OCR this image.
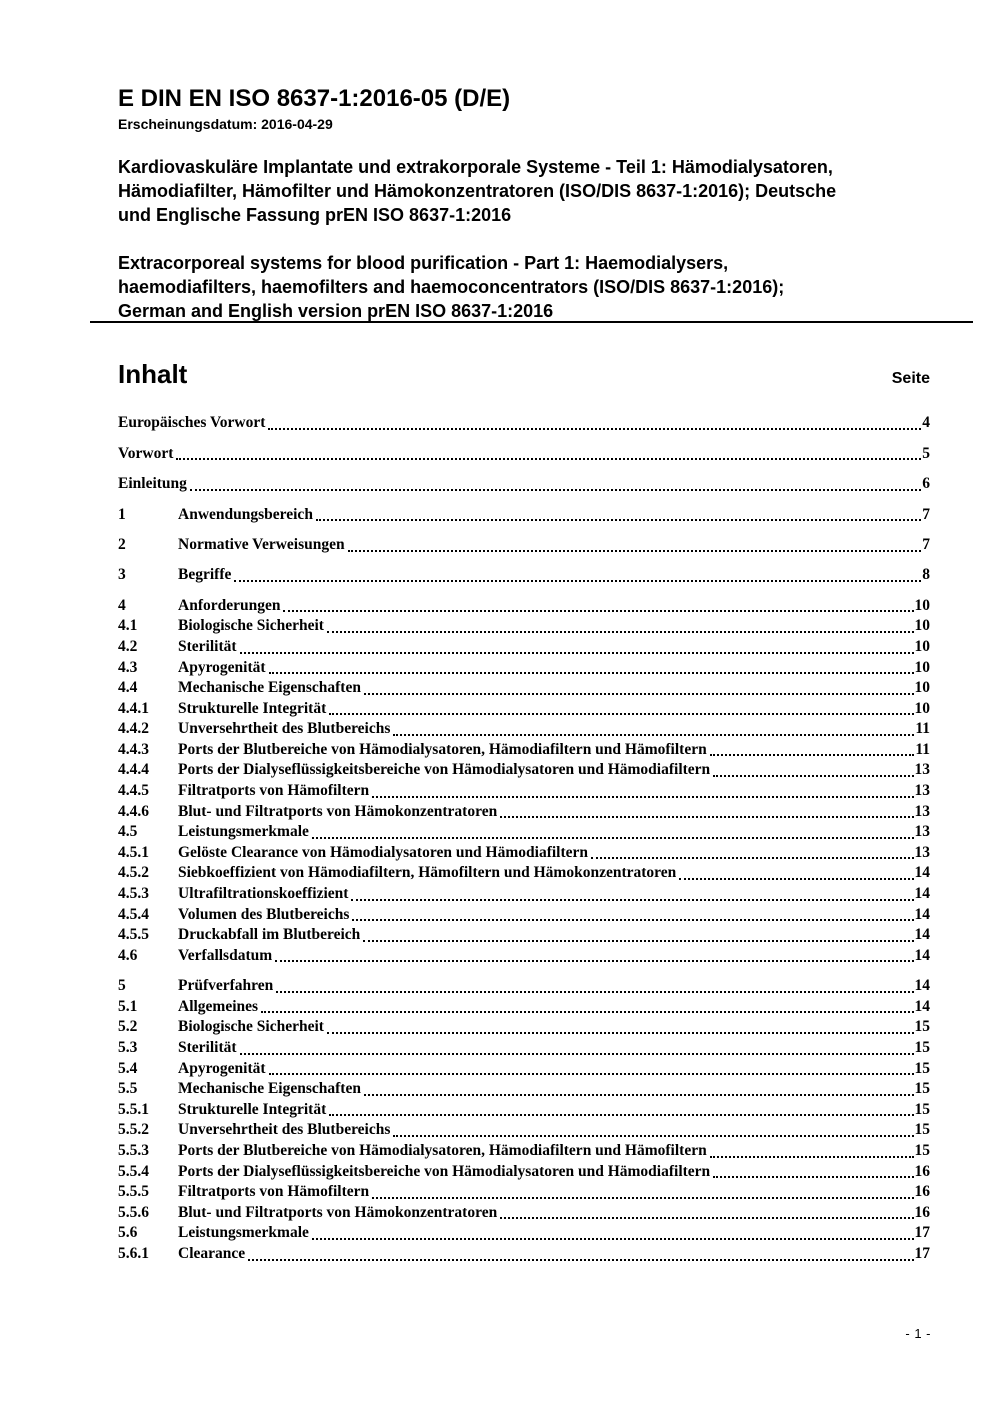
E DIN EN ISO 8637-1:2016-05 (D/E)
Erscheinungsdatum: 2016-04-29
Kardiovaskuläre Implantate und extrakorporale Systeme - Teil 1: Hämodialysatoren,
Hämodiafilter, Hämofilter und Hämokonzentratoren (ISO/DIS 8637-1:2016); Deutsche
und Englische Fassung prEN ISO 8637-1:2016
Extracorporeal systems for blood purification - Part 1: Haemodialysers,
haemodiafilters, haemofilters and haemoconcentrators (ISO/DIS 8637-1:2016);
German and English version prEN ISO 8637-1:2016
Inhalt	Seite
Europäisches Vorwort	4
Vorwort	5
Einleitung	6
1	Anwendungsbereich	7
2	Normative Verweisungen	7
3	Begriffe	8
4	Anforderungen	10
4.1	Biologische Sicherheit	10
4.2	Sterilität	10
4.3	Apyrogenität	10
4.4	Mechanische Eigenschaften	10
4.4.1	Strukturelle Integrität	10
4.4.2	Unversehrtheit des Blutbereichs	11
4.4.3	Ports der Blutbereiche von Hämodialysatoren, Hämodiafiltern und Hämofiltern	11
4.4.4	Ports der Dialyseflüssigkeitsbereiche von Hämodialysatoren und Hämodiafiltern	13
4.4.5	Filtratports von Hämofiltern	13
4.4.6	Blut- und Filtratports von Hämokonzentratoren	13
4.5	Leistungsmerkmale	13
4.5.1	Gelöste Clearance von Hämodialysatoren und Hämodiafiltern	13
4.5.2	Siebkoeffizient von Hämodiafiltern, Hämofiltern und Hämokonzentratoren	14
4.5.3	Ultrafiltrationskoeffizient	14
4.5.4	Volumen des Blutbereichs	14
4.5.5	Druckabfall im Blutbereich	14
4.6	Verfallsdatum	14
5	Prüfverfahren	14
5.1	Allgemeines	14
5.2	Biologische Sicherheit	15
5.3	Sterilität	15
5.4	Apyrogenität	15
5.5	Mechanische Eigenschaften	15
5.5.1	Strukturelle Integrität	15
5.5.2	Unversehrtheit des Blutbereichs	15
5.5.3	Ports der Blutbereiche von Hämodialysatoren, Hämodiafiltern und Hämofiltern	15
5.5.4	Ports der Dialyseflüssigkeitsbereiche von Hämodialysatoren und Hämodiafiltern	16
5.5.5	Filtratports von Hämofiltern	16
5.5.6	Blut- und Filtratports von Hämokonzentratoren	16
5.6	Leistungsmerkmale	17
5.6.1	Clearance	17
- 1 -
